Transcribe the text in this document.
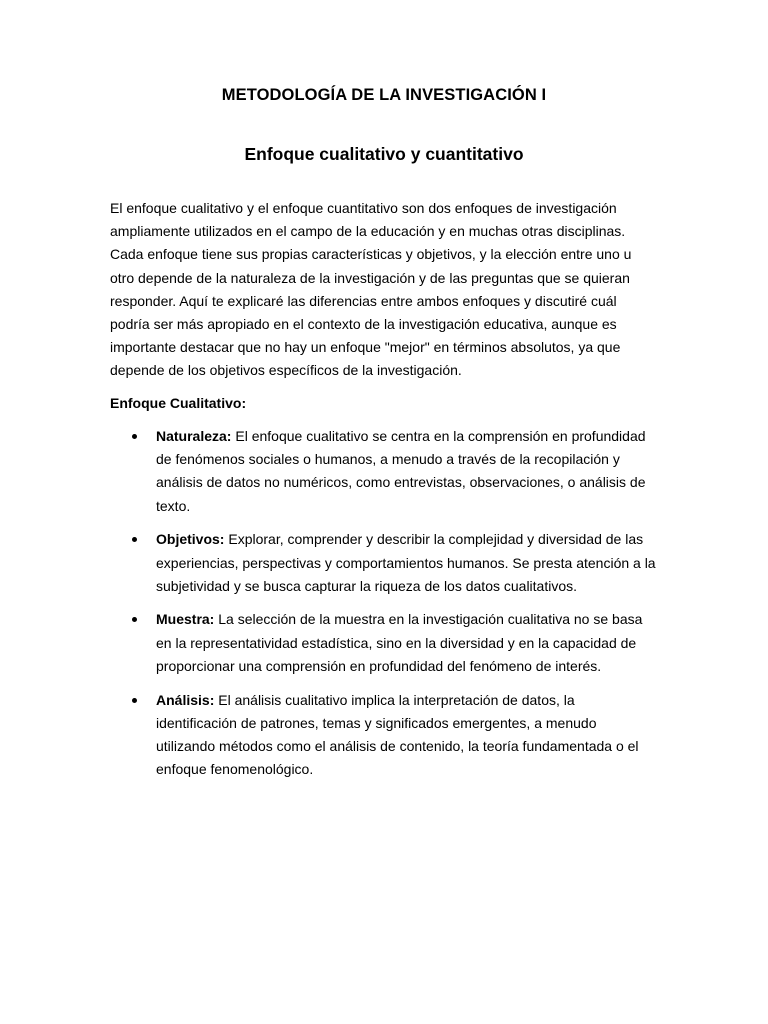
METODOLOGÍA DE LA INVESTIGACIÓN I
Enfoque cualitativo y cuantitativo

El enfoque cualitativo y el enfoque cuantitativo son dos enfoques de investigación ampliamente utilizados en el campo de la educación y en muchas otras disciplinas. Cada enfoque tiene sus propias características y objetivos, y la elección entre uno u otro depende de la naturaleza de la investigación y de las preguntas que se quieran responder. Aquí te explicaré las diferencias entre ambos enfoques y discutiré cuál podría ser más apropiado en el contexto de la investigación educativa, aunque es importante destacar que no hay un enfoque "mejor" en términos absolutos, ya que depende de los objetivos específicos de la investigación.

Enfoque Cualitativo:

Naturaleza: El enfoque cualitativo se centra en la comprensión en profundidad de fenómenos sociales o humanos, a menudo a través de la recopilación y análisis de datos no numéricos, como entrevistas, observaciones, o análisis de texto.
Objetivos: Explorar, comprender y describir la complejidad y diversidad de las experiencias, perspectivas y comportamientos humanos. Se presta atención a la subjetividad y se busca capturar la riqueza de los datos cualitativos.
Muestra: La selección de la muestra en la investigación cualitativa no se basa en la representatividad estadística, sino en la diversidad y en la capacidad de proporcionar una comprensión en profundidad del fenómeno de interés.
Análisis: El análisis cualitativo implica la interpretación de datos, la identificación de patrones, temas y significados emergentes, a menudo utilizando métodos como el análisis de contenido, la teoría fundamentada o el enfoque fenomenológico.
